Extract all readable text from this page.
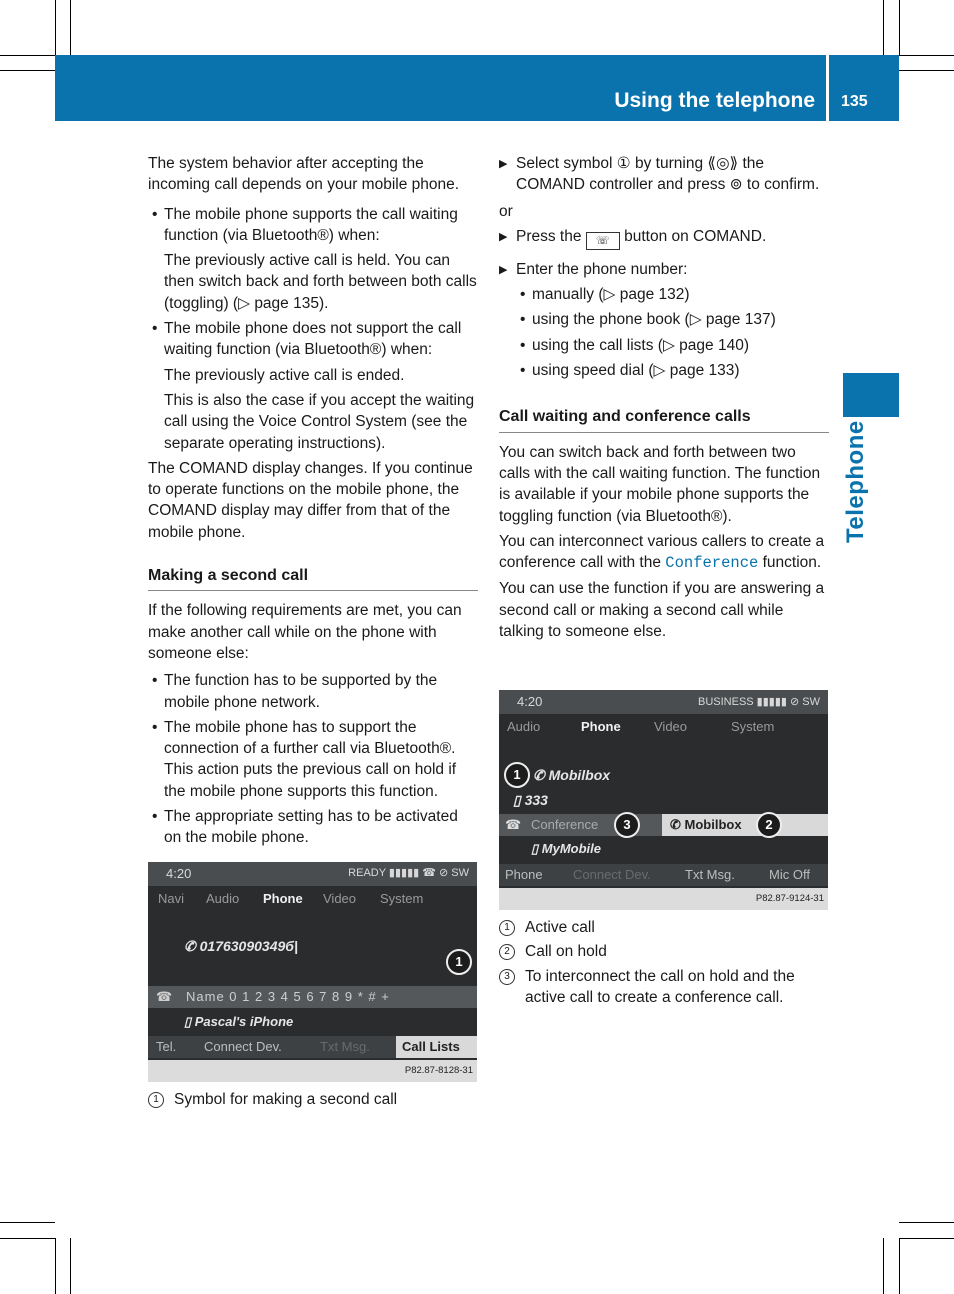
Using the telephone 135
Telephone

The system behavior after accepting the incoming call depends on your mobile phone.

• The mobile phone supports the call waiting function (via Bluetooth®) when:

The previously active call is held. You can then switch back and forth between both calls (toggling) (▷ page 135).

• The mobile phone does not support the call waiting function (via Bluetooth®) when:

The previously active call is ended.

This is also the case if you accept the waiting call using the Voice Control System (see the separate operating instructions).

The COMAND display changes. If you continue to operate functions on the mobile phone, the COMAND display may differ from that of the mobile phone.

Making a second call

If the following requirements are met, you can make another call while on the phone with someone else:

• The function has to be supported by the mobile phone network.

• The mobile phone has to support the connection of a further call via Bluetooth®. This action puts the previous call on hold if the mobile phone supports this function.

• The appropriate setting has to be activated on the mobile phone.

4:20	READY ▮▮▮▮▮ ☎ ⊘ SW
Navi Audio Phone Video System
✆ 01763090349б|
1
☎ Name 0 1 2 3 4 5 6 7 8 9 * # +
▯ Pascal's iPhone
Tel. Connect Dev.	Txt Msg.	Call Lists
P82.87-8128-31

1 Symbol for making a second call

▶ Select symbol ① by turning ⟪◎⟫ the COMAND controller and press ⊚ to confirm.

or

▶ Press the ☏ button on COMAND.

▶ Enter the phone number:

• manually (▷ page 132)

• using the phone book (▷ page 137)

• using the call lists (▷ page 140)

• using speed dial (▷ page 133)

Call waiting and conference calls

You can switch back and forth between two calls with the call waiting function. The function is available if your mobile phone supports the toggling function (via Bluetooth®).

You can interconnect various callers to create a conference call with the Conference function.

You can use the function if you are answering a second call or making a second call while talking to someone else.

4:20	BUSINESS ▮▮▮▮▮ ⊘ SW
Audio	Phone	Video	System
1 ✆ Mobilbox
▯ 333
☎ Conference	3	✆ Mobilbox	2
▯ MyMobile
Phone Connect Dev.	Txt Msg.	Mic Off
P82.87-9124-31

1 Active call

2 Call on hold

3 To interconnect the call on hold and the active call to create a conference call.
